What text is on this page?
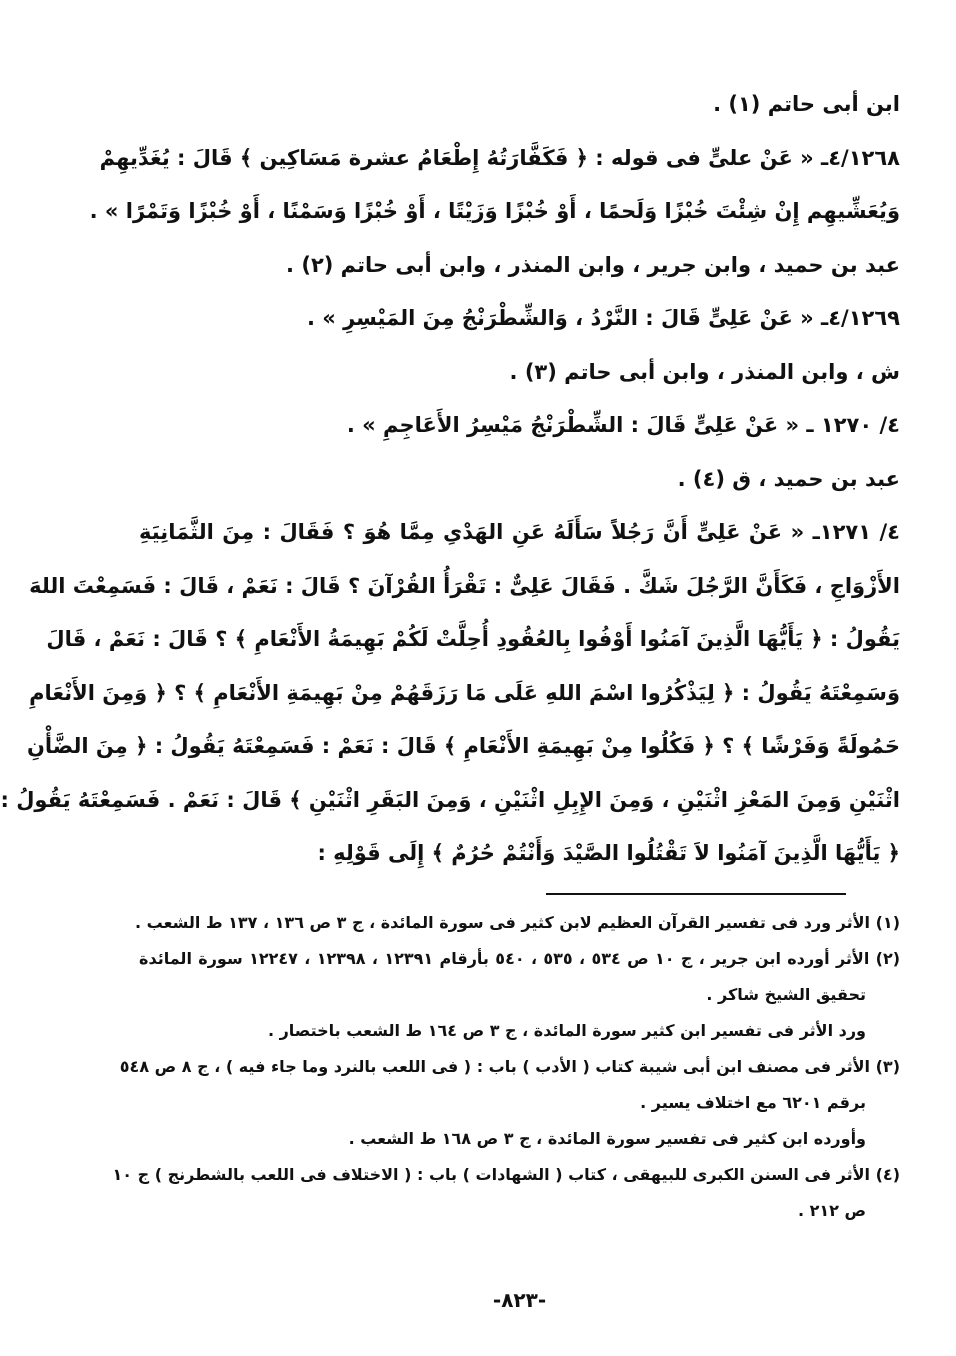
ابن أبى حاتم (١) .
٤/١٢٦٨ـ « عَنْ علىٍّ فى قوله : ﴿ فَكَفَّارَتُهُ إِطْعَامُ عشرة مَسَاكِين ﴾ قَالَ : يُغَدِّيهِمْ
وَيُعَشِّيهِم إِنْ شِئْتَ خُبْزًا وَلَحمًا ، أَوْ خُبْزًا وَزَيْتًا ، أَوْ خُبْزًا وَسَمْنًا ، أَوْ خُبْزًا وَتَمْرًا » .
عبد بن حميد ، وابن جرير ، وابن المنذر ، وابن أبى حاتم (٢) .
٤/١٢٦٩ـ « عَنْ عَلِىٍّ قَالَ : النَّرْدُ ، وَالشِّطْرَنْجُ مِنَ المَيْسِرِ » .
ش ، وابن المنذر ، وابن أبى حاتم (٣) .
٤/ ١٢٧٠ ـ « عَنْ عَلِىٍّ قَالَ : الشِّطْرَنْجُ مَيْسِرُ الأَعَاجِمِ » .
عبد بن حميد ، ق (٤) .
٤/ ١٢٧١ـ « عَنْ عَلِىٍّ أَنَّ رَجُلاً سَأَلَهُ عَنِ الهَدْىِ مِمَّا هُوَ ؟ فَقَالَ : مِنَ الثَّمَانِيَةِ
الأَزْوَاجِ ، فَكَأَنَّ الرَّجُلَ شَكَّ . فَقَالَ عَلِىٌّ : تَقْرَأُ القُرْآنَ ؟ قَالَ : نَعَمْ ، قَالَ : فَسَمِعْتَ اللهَ
يَقُولُ : ﴿ يَأَيُّهَا الَّذِينَ آمَنُوا أَوْفُوا بِالعُقُودِ أُحِلَّتْ لَكُمْ بَهِيمَةُ الأَنْعَامِ ﴾ ؟ قَالَ : نَعَمْ ، قَالَ
وَسَمِعْتَهُ يَقُولُ : ﴿ لِيَذْكُرُوا اسْمَ اللهِ عَلَى مَا رَزَقَهُمْ مِنْ بَهِيمَةِ الأَنْعَامِ ﴾ ؟ ﴿ وَمِنَ الأَنْعَامِ
حَمُولَةً وَفَرْشًا ﴾ ؟ ﴿ فَكُلُوا مِنْ بَهِيمَةِ الأَنْعَامِ ﴾ قَالَ : نَعَمْ : فَسَمِعْتَهُ يَقُولُ : ﴿ مِنَ الضَّأْنِ
اثْنَيْنِ وَمِنَ المَعْزِ اثْنَيْنِ ، وَمِنَ الإِبِلِ اثْنَيْنِ ، وَمِنَ البَقَرِ اثْنَيْنِ ﴾ قَالَ : نَعَمْ . فَسَمِعْتَهُ يَقُولُ :
﴿ يَأَيُّهَا الَّذِينَ آمَنُوا لاَ تَقْتُلُوا الصَّيْدَ وَأَنْتُمْ حُرُمٌ ﴾ إِلَى قَوْلِهِ :
(١) الأثر ورد فى تفسير القرآن العظيم لابن كثير فى سورة المائدة ، ج ٣ ص ١٣٦ ، ١٣٧ ط الشعب .
(٢) الأثر أورده ابن جرير ، ج ١٠ ص ٥٣٤ ، ٥٣٥ ، ٥٤٠ بأرقام ١٢٣٩١ ، ١٢٣٩٨ ، ١٢٢٤٧ سورة المائدة
تحقيق الشيخ شاكر .
ورد الأثر فى تفسير ابن كثير سورة المائدة ، ج ٣ ص ١٦٤ ط الشعب باختصار .
(٣) الأثر فى مصنف ابن أبى شيبة كتاب ( الأدب ) باب : ( فى اللعب بالنرد وما جاء فيه ) ، ج ٨ ص ٥٤٨
برقم ٦٢٠١ مع اختلاف يسير .
وأورده ابن كثير فى تفسير سورة المائدة ، ج ٣ ص ١٦٨ ط الشعب .
(٤) الأثر فى السنن الكبرى للبيهقى ، كتاب ( الشهادات ) باب : ( الاختلاف فى اللعب بالشطرنج ) ج ١٠
ص ٢١٢ .
-٨٢٣-
